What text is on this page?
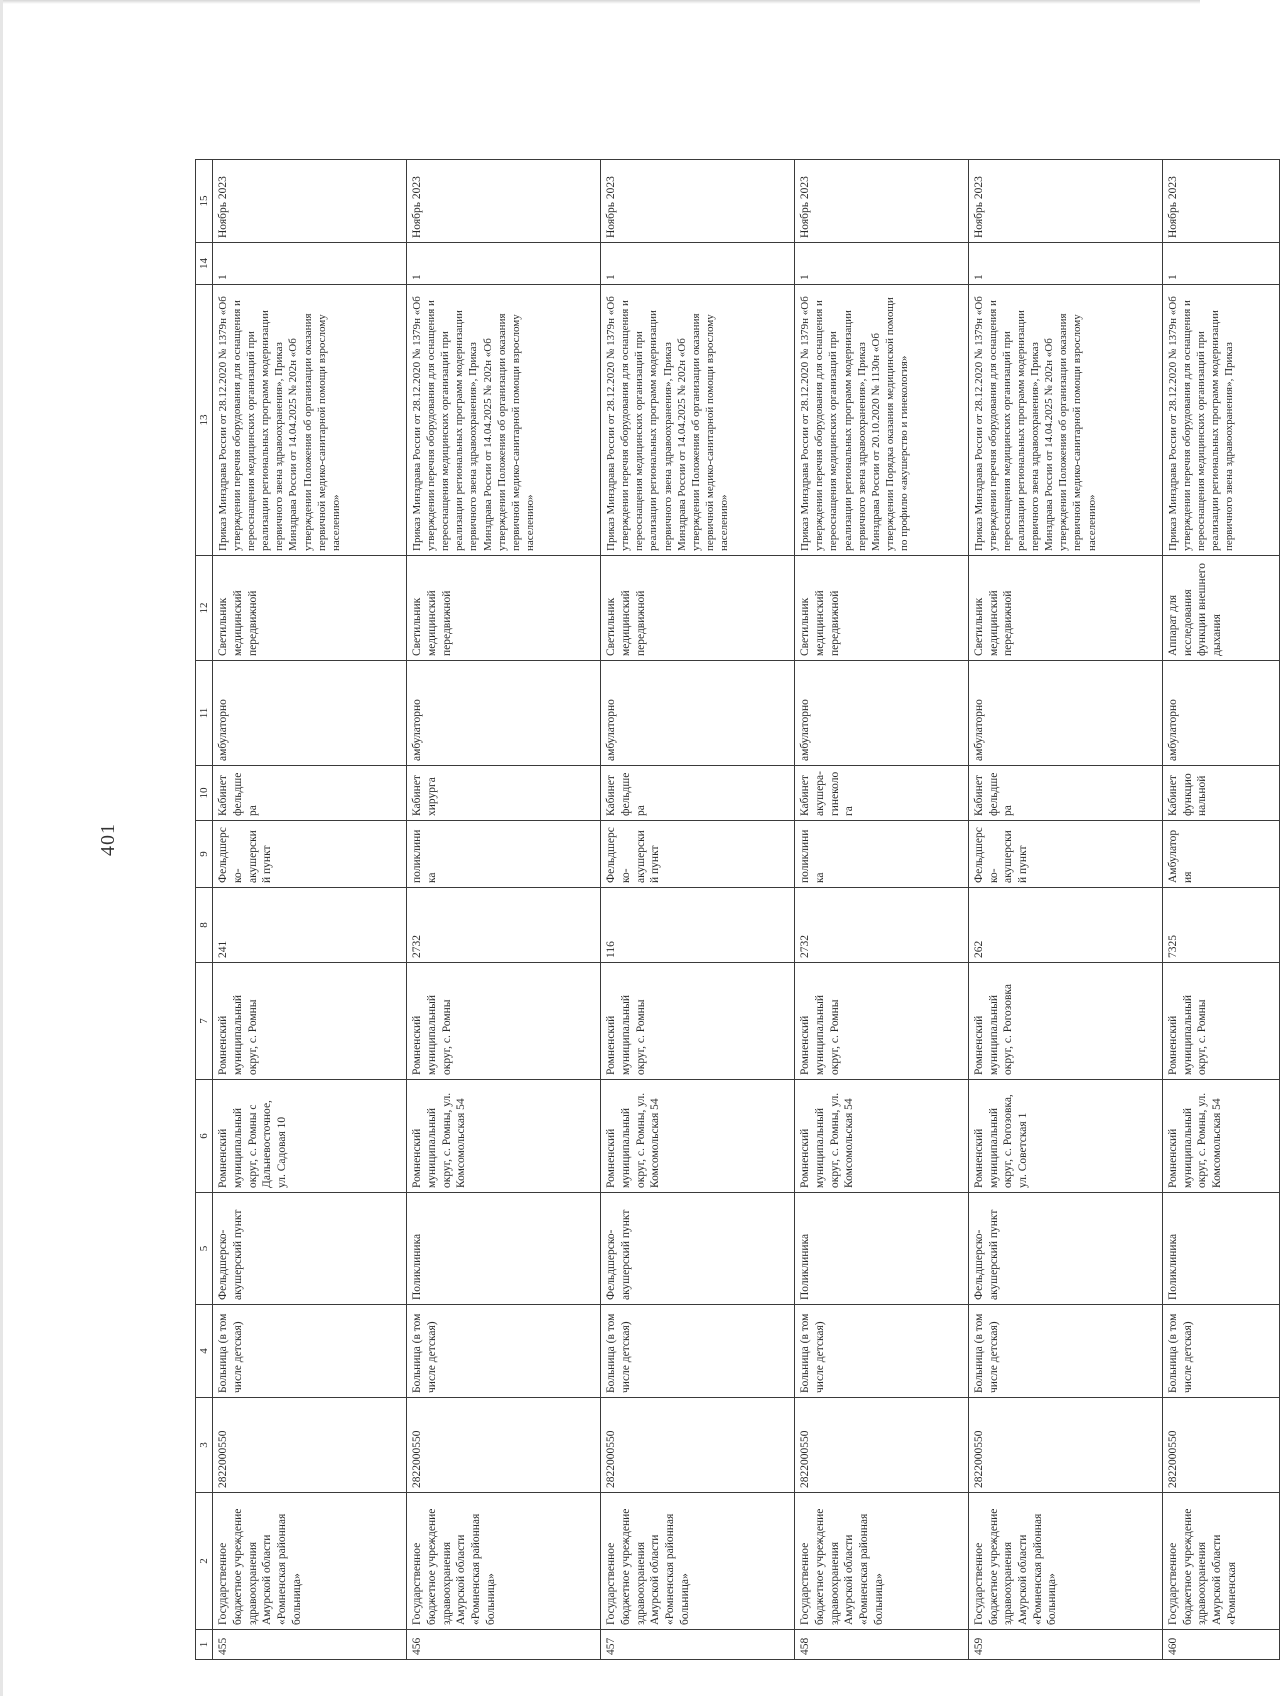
401
1	2	3	4	5	6	7	8	9	10	11	12	13	14	15
455	Государственное бюджетное учреждение здравоохранения Амурской области «Ромненская районная больница»	2822000550	Больница (в том числе детская)	Фельдшерско-акушерский пункт	Ромненский муниципальный округ, с. Ромны с Дальневосточное, ул. Садовая 10	Ромненский муниципальный округ, с. Ромны	241	Фельдшерско-акушерский пункт	Кабинет фельдшера	амбулаторно	Светильник медицинский передвижной	Приказ Минздрава России от 28.12.2020 № 1379н «Об утверждении перечня оборудования для оснащения и переоснащения медицинских организаций при реализации региональных программ модернизации первичного звена здравоохранения», Приказ Минздрава России от 14.04.2025 № 202н «Об утверждении Положения об организации оказания первичной медико-санитарной помощи взрослому населению»	1	Ноябрь 2023
456	Государственное бюджетное учреждение здравоохранения Амурской области «Ромненская районная больница»	2822000550	Больница (в том числе детская)	Поликлиника	Ромненский муниципальный округ, с. Ромны, ул. Комсомольская 54	Ромненский муниципальный округ, с. Ромны	2732	поликлиника	Кабинет хирурга	амбулаторно	Светильник медицинский передвижной	Приказ Минздрава России от 28.12.2020 № 1379н «Об утверждении перечня оборудования для оснащения и переоснащения медицинских организаций при реализации региональных программ модернизации первичного звена здравоохранения», Приказ Минздрава России от 14.04.2025 № 202н «Об утверждении Положения об организации оказания первичной медико-санитарной помощи взрослому населению»	1	Ноябрь 2023
457	Государственное бюджетное учреждение здравоохранения Амурской области «Ромненская районная больница»	2822000550	Больница (в том числе детская)	Фельдшерско-акушерский пункт	Ромненский муниципальный округ, с. Ромны, ул. Комсомольская 54	Ромненский муниципальный округ, с. Ромны	116	Фельдшерско-акушерский пункт	Кабинет фельдшера	амбулаторно	Светильник медицинский передвижной	Приказ Минздрава России от 28.12.2020 № 1379н «Об утверждении перечня оборудования для оснащения и переоснащения медицинских организаций при реализации региональных программ модернизации первичного звена здравоохранения», Приказ Минздрава России от 14.04.2025 № 202н «Об утверждении Положения об организации оказания первичной медико-санитарной помощи взрослому населению»	1	Ноябрь 2023
458	Государственное бюджетное учреждение здравоохранения Амурской области «Ромненская районная больница»	2822000550	Больница (в том числе детская)	Поликлиника	Ромненский муниципальный округ, с. Ромны, ул. Комсомольская 54	Ромненский муниципальный округ, с. Ромны	2732	поликлиника	Кабинет акушера-гинеколога	амбулаторно	Светильник медицинский передвижной	Приказ Минздрава России от 28.12.2020 № 1379н «Об утверждении перечня оборудования для оснащения и переоснащения медицинских организаций при реализации региональных программ модернизации первичного звена здравоохранения», Приказ Минздрава России от 20.10.2020 № 1130н «Об утверждении Порядка оказания медицинской помощи по профилю «акушерство и гинекология»	1	Ноябрь 2023
459	Государственное бюджетное учреждение здравоохранения Амурской области «Ромненская районная больница»	2822000550	Больница (в том числе детская)	Фельдшерско-акушерский пункт	Ромненский муниципальный округ, с. Рогозовка, ул. Советская 1	Ромненский муниципальный округ, с. Рогозовка	262	Фельдшерско-акушерский пункт	Кабинет фельдшера	амбулаторно	Светильник медицинский передвижной	Приказ Минздрава России от 28.12.2020 № 1379н «Об утверждении перечня оборудования для оснащения и переоснащения медицинских организаций при реализации региональных программ модернизации первичного звена здравоохранения», Приказ Минздрава России от 14.04.2025 № 202н «Об утверждении Положения об организации оказания первичной медико-санитарной помощи взрослому населению»	1	Ноябрь 2023
460	Государственное бюджетное учреждение здравоохранения Амурской области «Ромненская	2822000550	Больница (в том числе детская)	Поликлиника	Ромненский муниципальный округ, с. Ромны, ул. Комсомольская 54	Ромненский муниципальный округ, с. Ромны	7325	Амбулатория	Кабинет функциональной	амбулаторно	Аппарат для исследования функции внешнего дыхания	Приказ Минздрава России от 28.12.2020 № 1379н «Об утверждении перечня оборудования для оснащения и переоснащения медицинских организаций при реализации региональных программ модернизации первичного звена здравоохранения», Приказ	1	Ноябрь 2023
